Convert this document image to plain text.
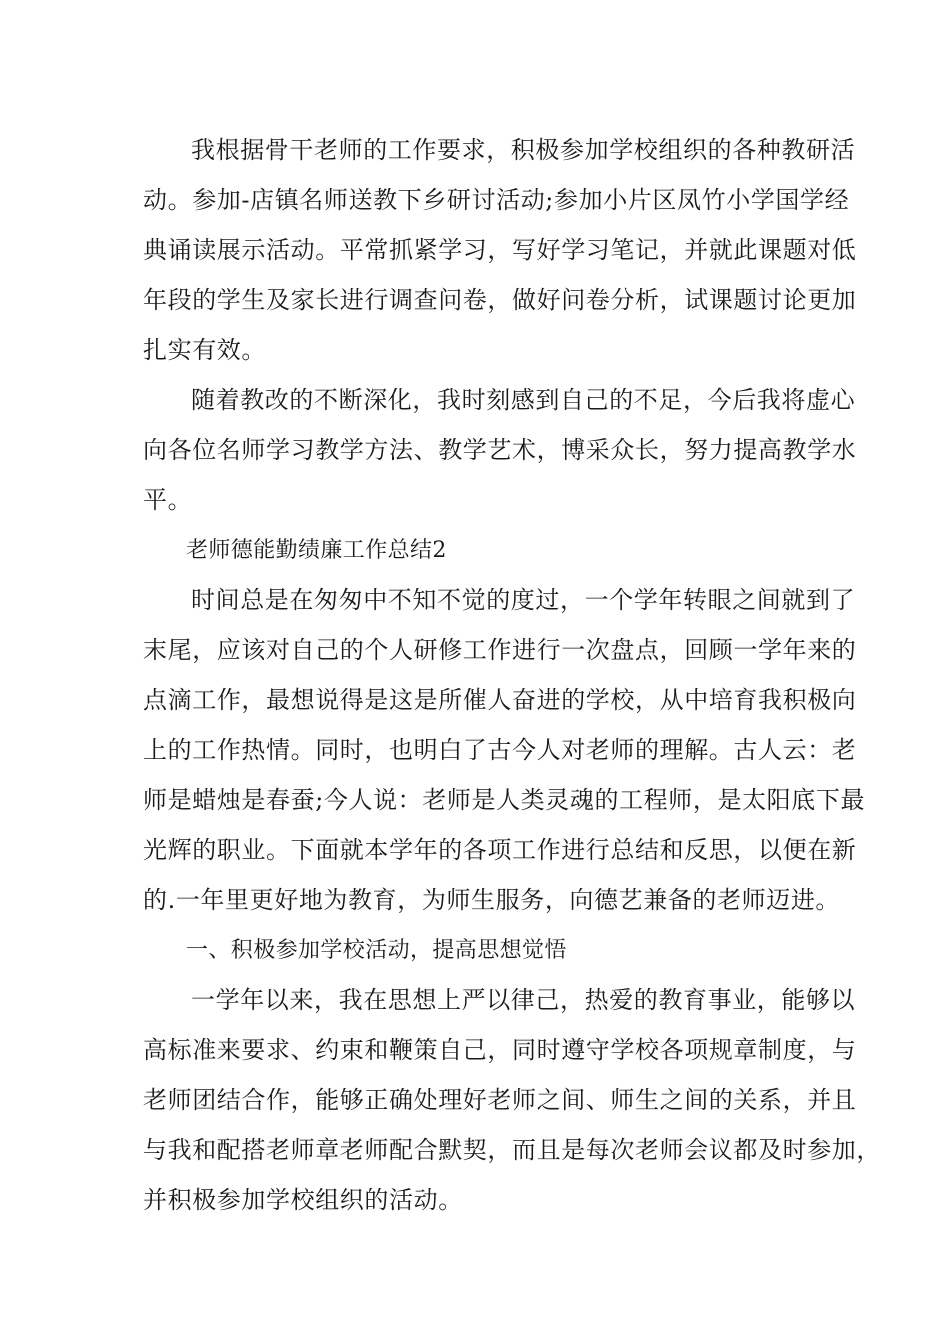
我根据骨干老师的工作要求，积极参加学校组织的各种教研活
动。参加-店镇名师送教下乡研讨活动;参加小片区凤竹小学国学经
典诵读展示活动。平常抓紧学习，写好学习笔记，并就此课题对低
年段的学生及家长进行调查问卷，做好问卷分析，试课题讨论更加
扎实有效。
随着教改的不断深化，我时刻感到自己的不足，今后我将虚心
向各位名师学习教学方法、教学艺术，博采众长，努力提高教学水
平。
老师德能勤绩廉工作总结2
时间总是在匆匆中不知不觉的度过，一个学年转眼之间就到了
末尾，应该对自己的个人研修工作进行一次盘点，回顾一学年来的
点滴工作，最想说得是这是所催人奋进的学校，从中培育我积极向
上的工作热情。同时，也明白了古今人对老师的理解。古人云：老
师是蜡烛是春蚕;今人说：老师是人类灵魂的工程师，是太阳底下最
光辉的职业。下面就本学年的各项工作进行总结和反思，以便在新
的.一年里更好地为教育，为师生服务，向德艺兼备的老师迈进。
一、积极参加学校活动，提高思想觉悟
一学年以来，我在思想上严以律己，热爱的教育事业，能够以
高标准来要求、约束和鞭策自己，同时遵守学校各项规章制度，与
老师团结合作，能够正确处理好老师之间、师生之间的关系，并且
与我和配搭老师章老师配合默契，而且是每次老师会议都及时参加，
并积极参加学校组织的活动。
